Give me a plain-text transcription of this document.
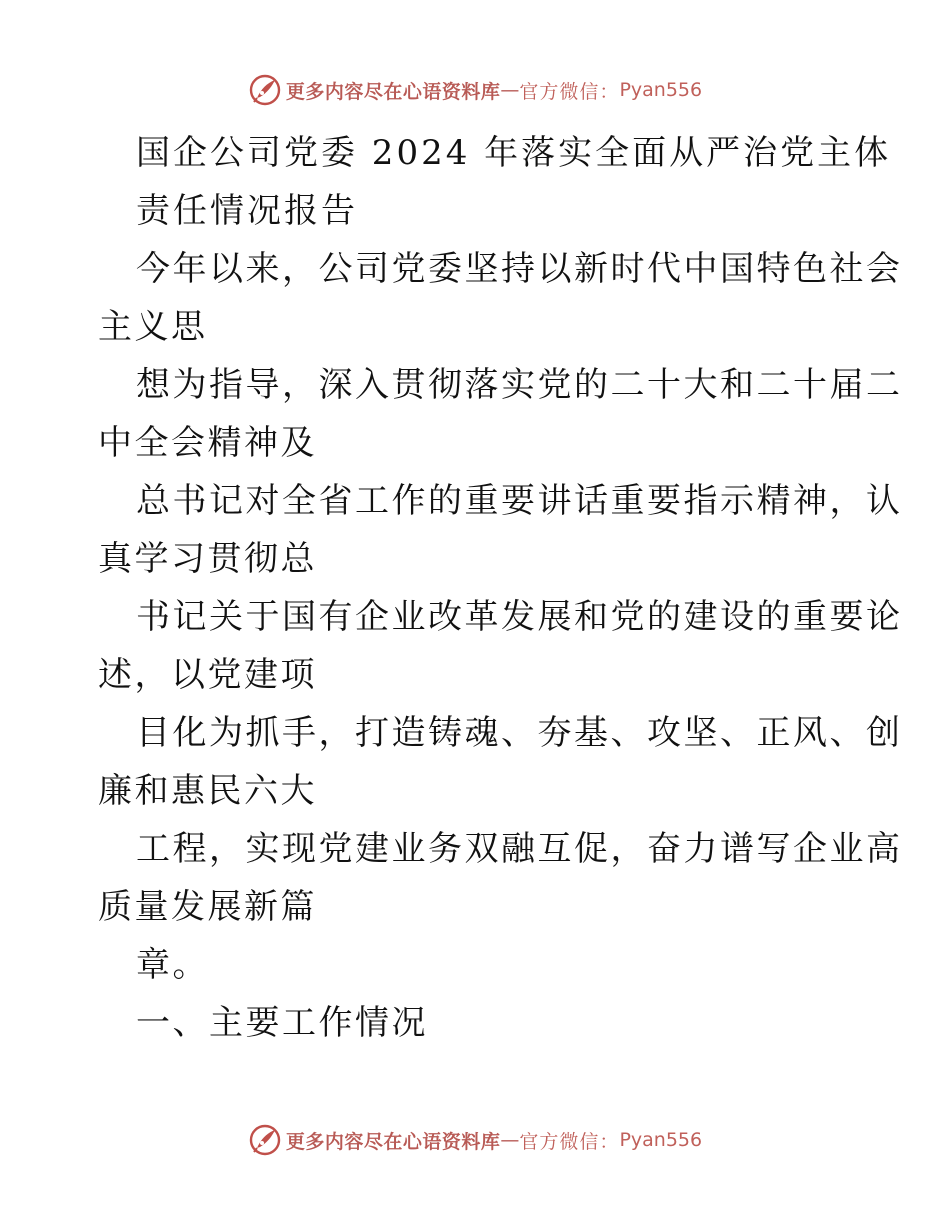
更多内容尽在心语资料库 — 官方微信： Pyan556
国企公司党委 2024 年落实全面从严治党主体
责任情况报告
今年以来，公司党委坚持以新时代中国特色社会
主义思
想为指导，深入贯彻落实党的二十大和二十届二
中全会精神及
总书记对全省工作的重要讲话重要指示精神，认
真学习贯彻总
书记关于国有企业改革发展和党的建设的重要论
述，以党建项
目化为抓手，打造铸魂、夯基、攻坚、正风、创
廉和惠民六大
工程，实现党建业务双融互促，奋力谱写企业高
质量发展新篇
章。
一、主要工作情况
更多内容尽在心语资料库 — 官方微信： Pyan556
